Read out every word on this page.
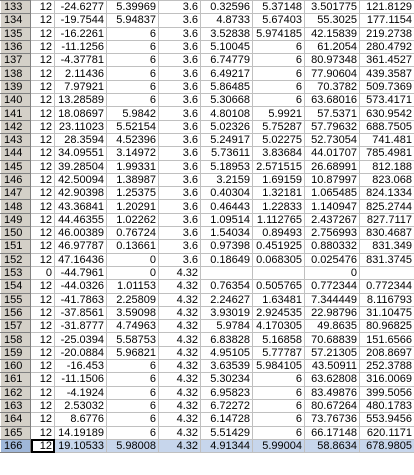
133	12	-24.6277	5.39969	3.6	0.32596	5.37148	3.501775	121.8129
134	12	-19.7544	5.94837	3.6	4.8733	5.67403	55.3025	177.1154
135	12	-16.2261	6	3.6	3.52838	5.974185	42.15839	219.2738
136	12	-11.1256	6	3.6	5.10045	6	61.2054	280.4792
137	12	-4.37781	6	3.6	6.74779	6	80.97348	361.4527
138	12	2.11436	6	3.6	6.49217	6	77.90604	439.3587
139	12	7.97921	6	3.6	5.86485	6	70.3782	509.7369
140	12	13.28589	6	3.6	5.30668	6	63.68016	573.4171
141	12	18.08697	5.9842	3.6	4.80108	5.9921	57.5371	630.9542
142	12	23.11023	5.52154	3.6	5.02326	5.75287	57.79632	688.7505
143	12	28.3594	4.52396	3.6	5.24917	5.02275	52.73054	741.481
144	12	34.09551	3.14972	3.6	5.73611	3.83684	44.01707	785.4981
145	12	39.28504	1.99331	3.6	5.18953	2.571515	26.68991	812.188
146	12	42.50094	1.38987	3.6	3.2159	1.69159	10.87997	823.068
147	12	42.90398	1.25375	3.6	0.40304	1.32181	1.065485	824.1334
148	12	43.36841	1.20291	3.6	0.46443	1.22833	1.140947	825.2744
149	12	44.46355	1.02262	3.6	1.09514	1.112765	2.437267	827.7117
150	12	46.00389	0.76724	3.6	1.54034	0.89493	2.756993	830.4687
151	12	46.97787	0.13661	3.6	0.97398	0.451925	0.880332	831.349
152	12	47.16436	0	3.6	0.18649	0.068305	0.025476	831.3745
153	0	-44.7961	0	4.32			0	
154	12	-44.0326	1.01153	4.32	0.76354	0.505765	0.772344	0.772344
155	12	-41.7863	2.25809	4.32	2.24627	1.63481	7.344449	8.116793
156	12	-37.8561	3.59098	4.32	3.93019	2.924535	22.98796	31.10475
157	12	-31.8777	4.74963	4.32	5.9784	4.170305	49.8635	80.96825
158	12	-25.0394	5.58753	4.32	6.83828	5.16858	70.68839	151.6566
159	12	-20.0884	5.96821	4.32	4.95105	5.77787	57.21305	208.8697
160	12	-16.453	6	4.32	3.63539	5.984105	43.50911	252.3788
161	12	-11.1506	6	4.32	5.30234	6	63.62808	316.0069
162	12	-4.1924	6	4.32	6.95823	6	83.49876	399.5056
163	12	2.53032	6	4.32	6.72272	6	80.67264	480.1783
164	12	8.6776	6	4.32	6.14728	6	73.76736	553.9456
165	12	14.19189	6	4.32	5.51429	6	66.17148	620.1171
166	12	19.10533	5.98008	4.32	4.91344	5.99004	58.8634	678.9805
